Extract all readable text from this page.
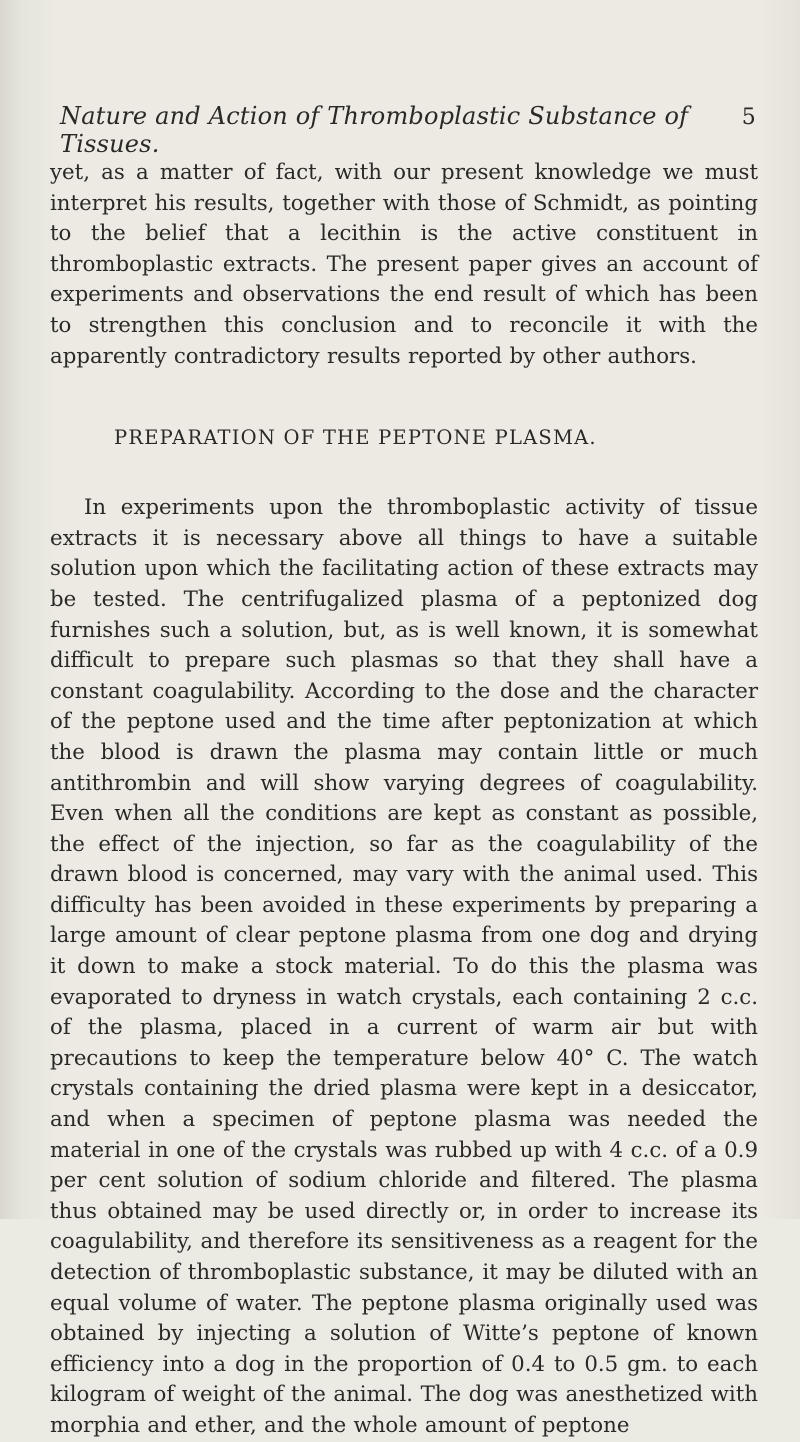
Nature and Action of Thromboplastic Substance of Tissues.
5

yet, as a matter of fact, with our present knowledge we must interpret his results, together with those of Schmidt, as pointing to the belief that a lecithin is the active constituent in thromboplastic extracts. The present paper gives an account of experiments and observations the end result of which has been to strengthen this conclusion and to reconcile it with the apparently contradictory results reported by other authors.

PREPARATION OF THE PEPTONE PLASMA.

In experiments upon the thromboplastic activity of tissue extracts it is necessary above all things to have a suitable solution upon which the facilitating action of these extracts may be tested. The centrifugalized plasma of a peptonized dog furnishes such a solution, but, as is well known, it is somewhat difficult to prepare such plasmas so that they shall have a constant coagulability. According to the dose and the character of the peptone used and the time after peptonization at which the blood is drawn the plasma may contain little or much antithrombin and will show varying degrees of coagulability. Even when all the conditions are kept as constant as possible, the effect of the injection, so far as the coagulability of the drawn blood is concerned, may vary with the animal used. This difficulty has been avoided in these experiments by preparing a large amount of clear peptone plasma from one dog and drying it down to make a stock material. To do this the plasma was evaporated to dryness in watch crystals, each containing 2 c.c. of the plasma, placed in a current of warm air but with precautions to keep the temperature below 40° C. The watch crystals containing the dried plasma were kept in a desiccator, and when a specimen of peptone plasma was needed the material in one of the crystals was rubbed up with 4 c.c. of a 0.9 per cent solution of sodium chloride and filtered. The plasma thus obtained may be used directly or, in order to increase its coagulability, and therefore its sensitiveness as a reagent for the detection of thromboplastic substance, it may be diluted with an equal volume of water. The peptone plasma originally used was obtained by injecting a solution of Witte’s peptone of known efficiency into a dog in the proportion of 0.4 to 0.5 gm. to each kilogram of weight of the animal. The dog was anesthetized with morphia and ether, and the whole amount of peptone
